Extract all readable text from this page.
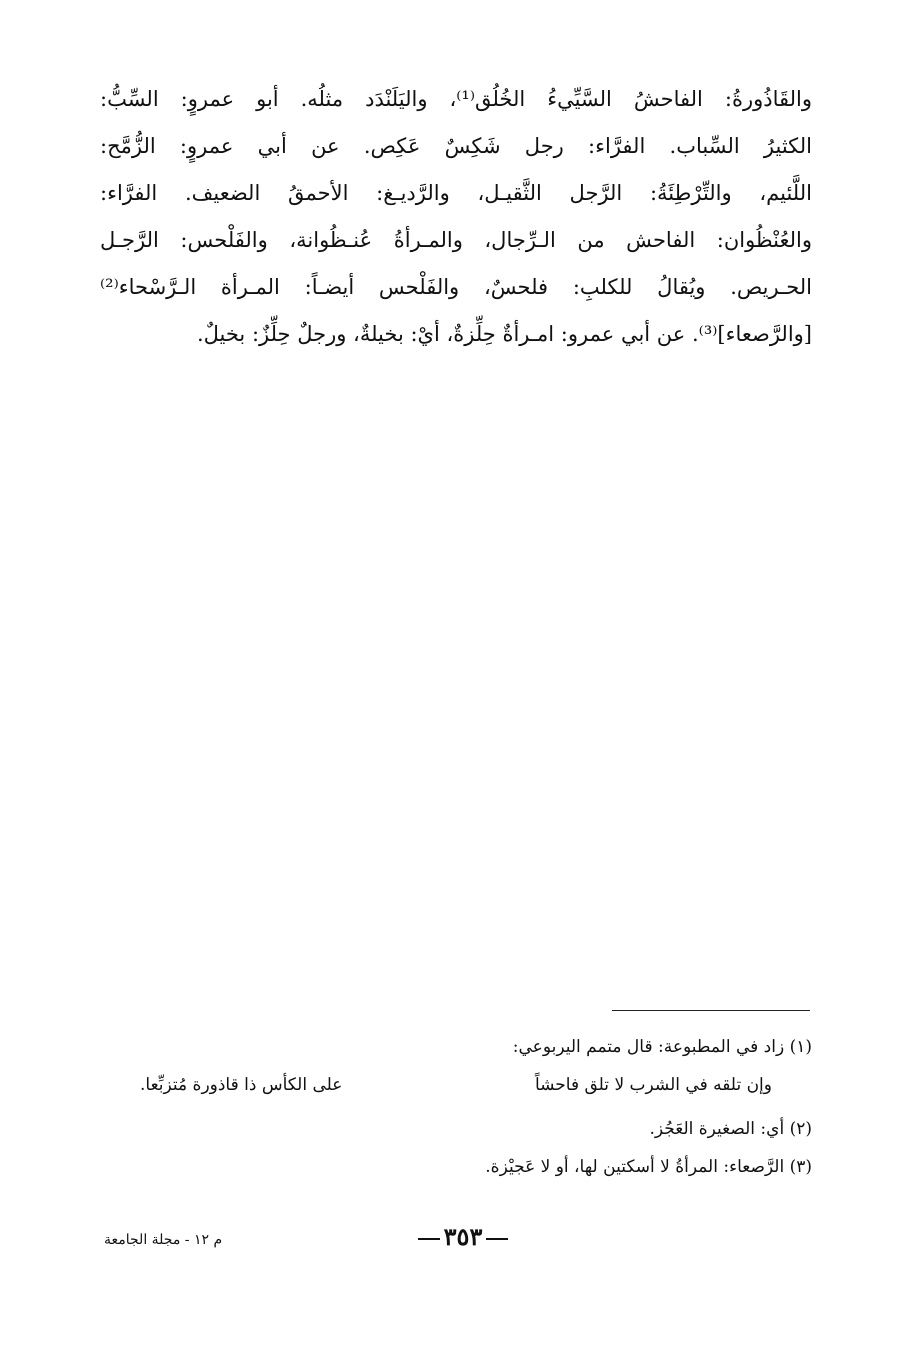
والقَاذُورةُ: الفاحشُ السَّيِّيءُ الخُلُق⁽¹⁾، واليَلَنْدَد مثلُه. أبو عمروٍ: السِّبُّ:
الكثيرُ السِّباب. الفرَّاء: رجل شَكِسٌ عَكِص. عن أبي عمروٍ: الزُّمَّح:
اللَّئيم، والتِّرْطِئَةُ: الرَّجل الثَّقيـل، والرَّديـغ: الأحمقُ الضعيف. الفرَّاء:
والعُنْظُوان: الفاحش من الـرِّجال، والمـرأةُ عُنـظُوانة، والفَلْحس: الرَّجـل
الحـريص. ويُقالُ للكلبِ: فلحسٌ، والفَلْحس أيضـاً: المـرأة الـرَّسْحاء⁽²⁾
[والرَّصعاء]⁽³⁾. عن أبي عمرو: امـرأةٌ حِلِّزةٌ، أيْ: بخيلةٌ، ورجلٌ حِلِّزٌ: بخيلٌ.
(١) زاد في المطبوعة: قال متمم اليربوعي:
وإن تلقه في الشرب لا تلق فاحشاً
على الكأس ذا قاذورة مُتزبِّعا.
(٢) أي: الصغيرة العَجُز.
(٣) الرَّصعاء: المرأةُ لا أسكتين لها، أو لا عَجيْزة.
٣٥٣
م ١٢ - مجلة الجامعة
